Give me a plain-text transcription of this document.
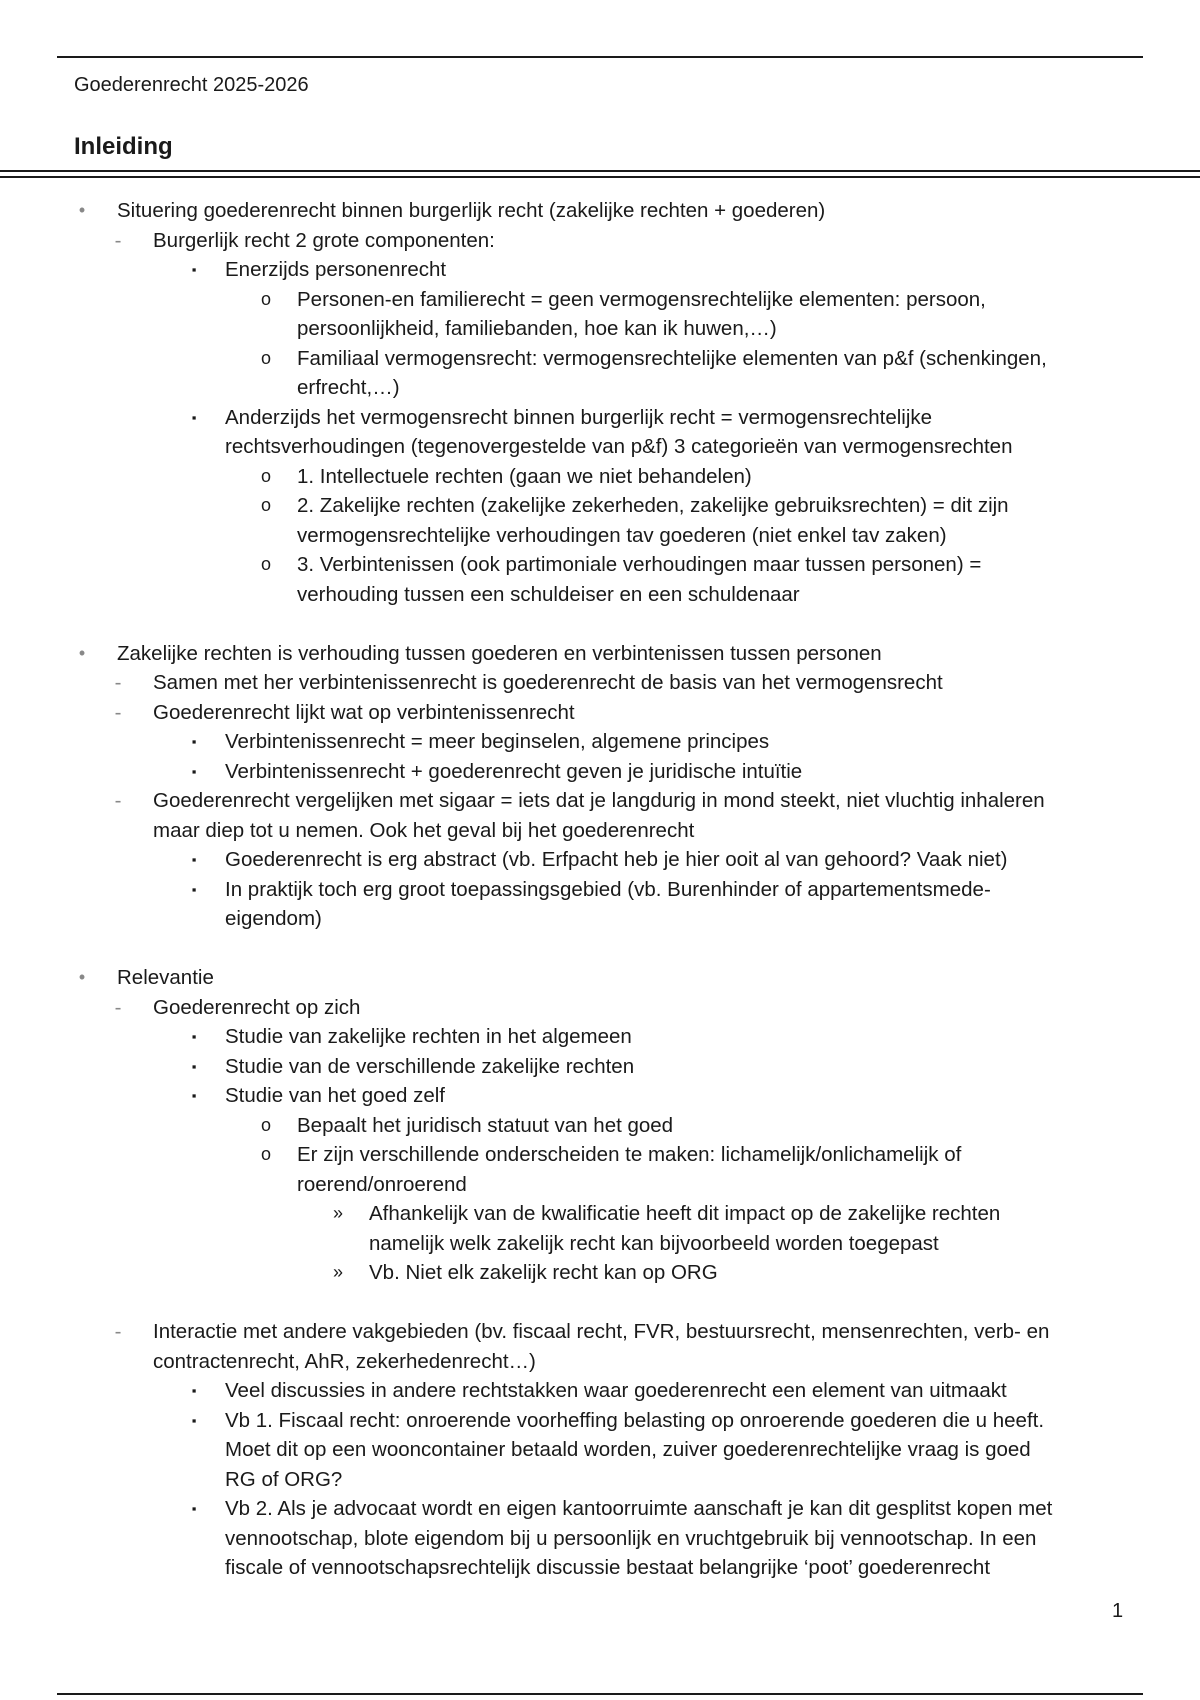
Goederenrecht 2025-2026
Inleiding
•	Situering goederenrecht binnen burgerlijk recht (zakelijke rechten + goederen)
-	Burgerlijk recht 2 grote componenten:
▪	Enerzijds personenrecht
o	Personen-en familierecht = geen vermogensrechtelijke elementen: persoon,
persoonlijkheid, familiebanden, hoe kan ik huwen,…)
o	Familiaal vermogensrecht: vermogensrechtelijke elementen van p&f (schenkingen,
erfrecht,…)
▪	Anderzijds het vermogensrecht binnen burgerlijk recht = vermogensrechtelijke
rechtsverhoudingen (tegenovergestelde van p&f) 3 categorieën van vermogensrechten
o	1. Intellectuele rechten (gaan we niet behandelen)
o	2. Zakelijke rechten (zakelijke zekerheden, zakelijke gebruiksrechten) = dit zijn
vermogensrechtelijke verhoudingen tav goederen (niet enkel tav zaken)
o	3. Verbintenissen (ook partimoniale verhoudingen maar tussen personen) =
verhouding tussen een schuldeiser en een schuldenaar
•	Zakelijke rechten is verhouding tussen goederen en verbintenissen tussen personen
-	Samen met her verbintenissenrecht is goederenrecht de basis van het vermogensrecht
-	Goederenrecht lijkt wat op verbintenissenrecht
▪	Verbintenissenrecht = meer beginselen, algemene principes
▪	Verbintenissenrecht + goederenrecht geven je juridische intuïtie
-	Goederenrecht vergelijken met sigaar = iets dat je langdurig in mond steekt, niet vluchtig inhaleren
maar diep tot u nemen. Ook het geval bij het goederenrecht
▪	Goederenrecht is erg abstract (vb. Erfpacht heb je hier ooit al van gehoord? Vaak niet)
▪	In praktijk toch erg groot toepassingsgebied (vb. Burenhinder of appartementsmede-
eigendom)
•	Relevantie
-	Goederenrecht op zich
▪	Studie van zakelijke rechten in het algemeen
▪	Studie van de verschillende zakelijke rechten
▪	Studie van het goed zelf
o	Bepaalt het juridisch statuut van het goed
o	Er zijn verschillende onderscheiden te maken: lichamelijk/onlichamelijk of
roerend/onroerend
»	Afhankelijk van de kwalificatie heeft dit impact op de zakelijke rechten
namelijk welk zakelijk recht kan bijvoorbeeld worden toegepast
»	Vb. Niet elk zakelijk recht kan op ORG
-	Interactie met andere vakgebieden (bv. fiscaal recht, FVR, bestuursrecht, mensenrechten, verb- en
contractenrecht, AhR, zekerhedenrecht…)
▪	Veel discussies in andere rechtstakken waar goederenrecht een element van uitmaakt
▪	Vb 1. Fiscaal recht: onroerende voorheffing belasting op onroerende goederen die u heeft.
Moet dit op een wooncontainer betaald worden, zuiver goederenrechtelijke vraag is goed
RG of ORG?
▪	Vb 2. Als je advocaat wordt en eigen kantoorruimte aanschaft je kan dit gesplitst kopen met
vennootschap, blote eigendom bij u persoonlijk en vruchtgebruik bij vennootschap. In een
fiscale of vennootschapsrechtelijk discussie bestaat belangrijke ‘poot’ goederenrecht
1
